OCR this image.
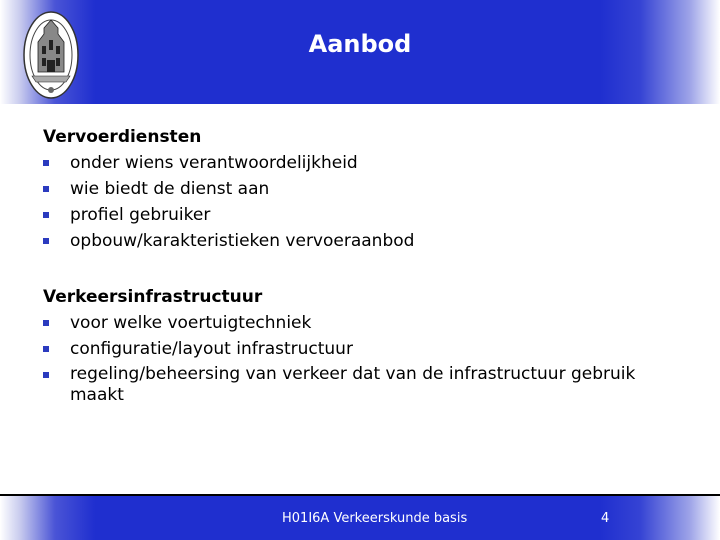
Aanbod
Vervoerdiensten
onder wiens verantwoordelijkheid
wie biedt de dienst aan
profiel gebruiker
opbouw/karakteristieken vervoeraanbod
Verkeersinfrastructuur
voor welke voertuigtechniek
configuratie/layout infrastructuur
regeling/beheersing van verkeer dat van de infrastructuur gebruik maakt
H01I6A Verkeerskunde basis	4
